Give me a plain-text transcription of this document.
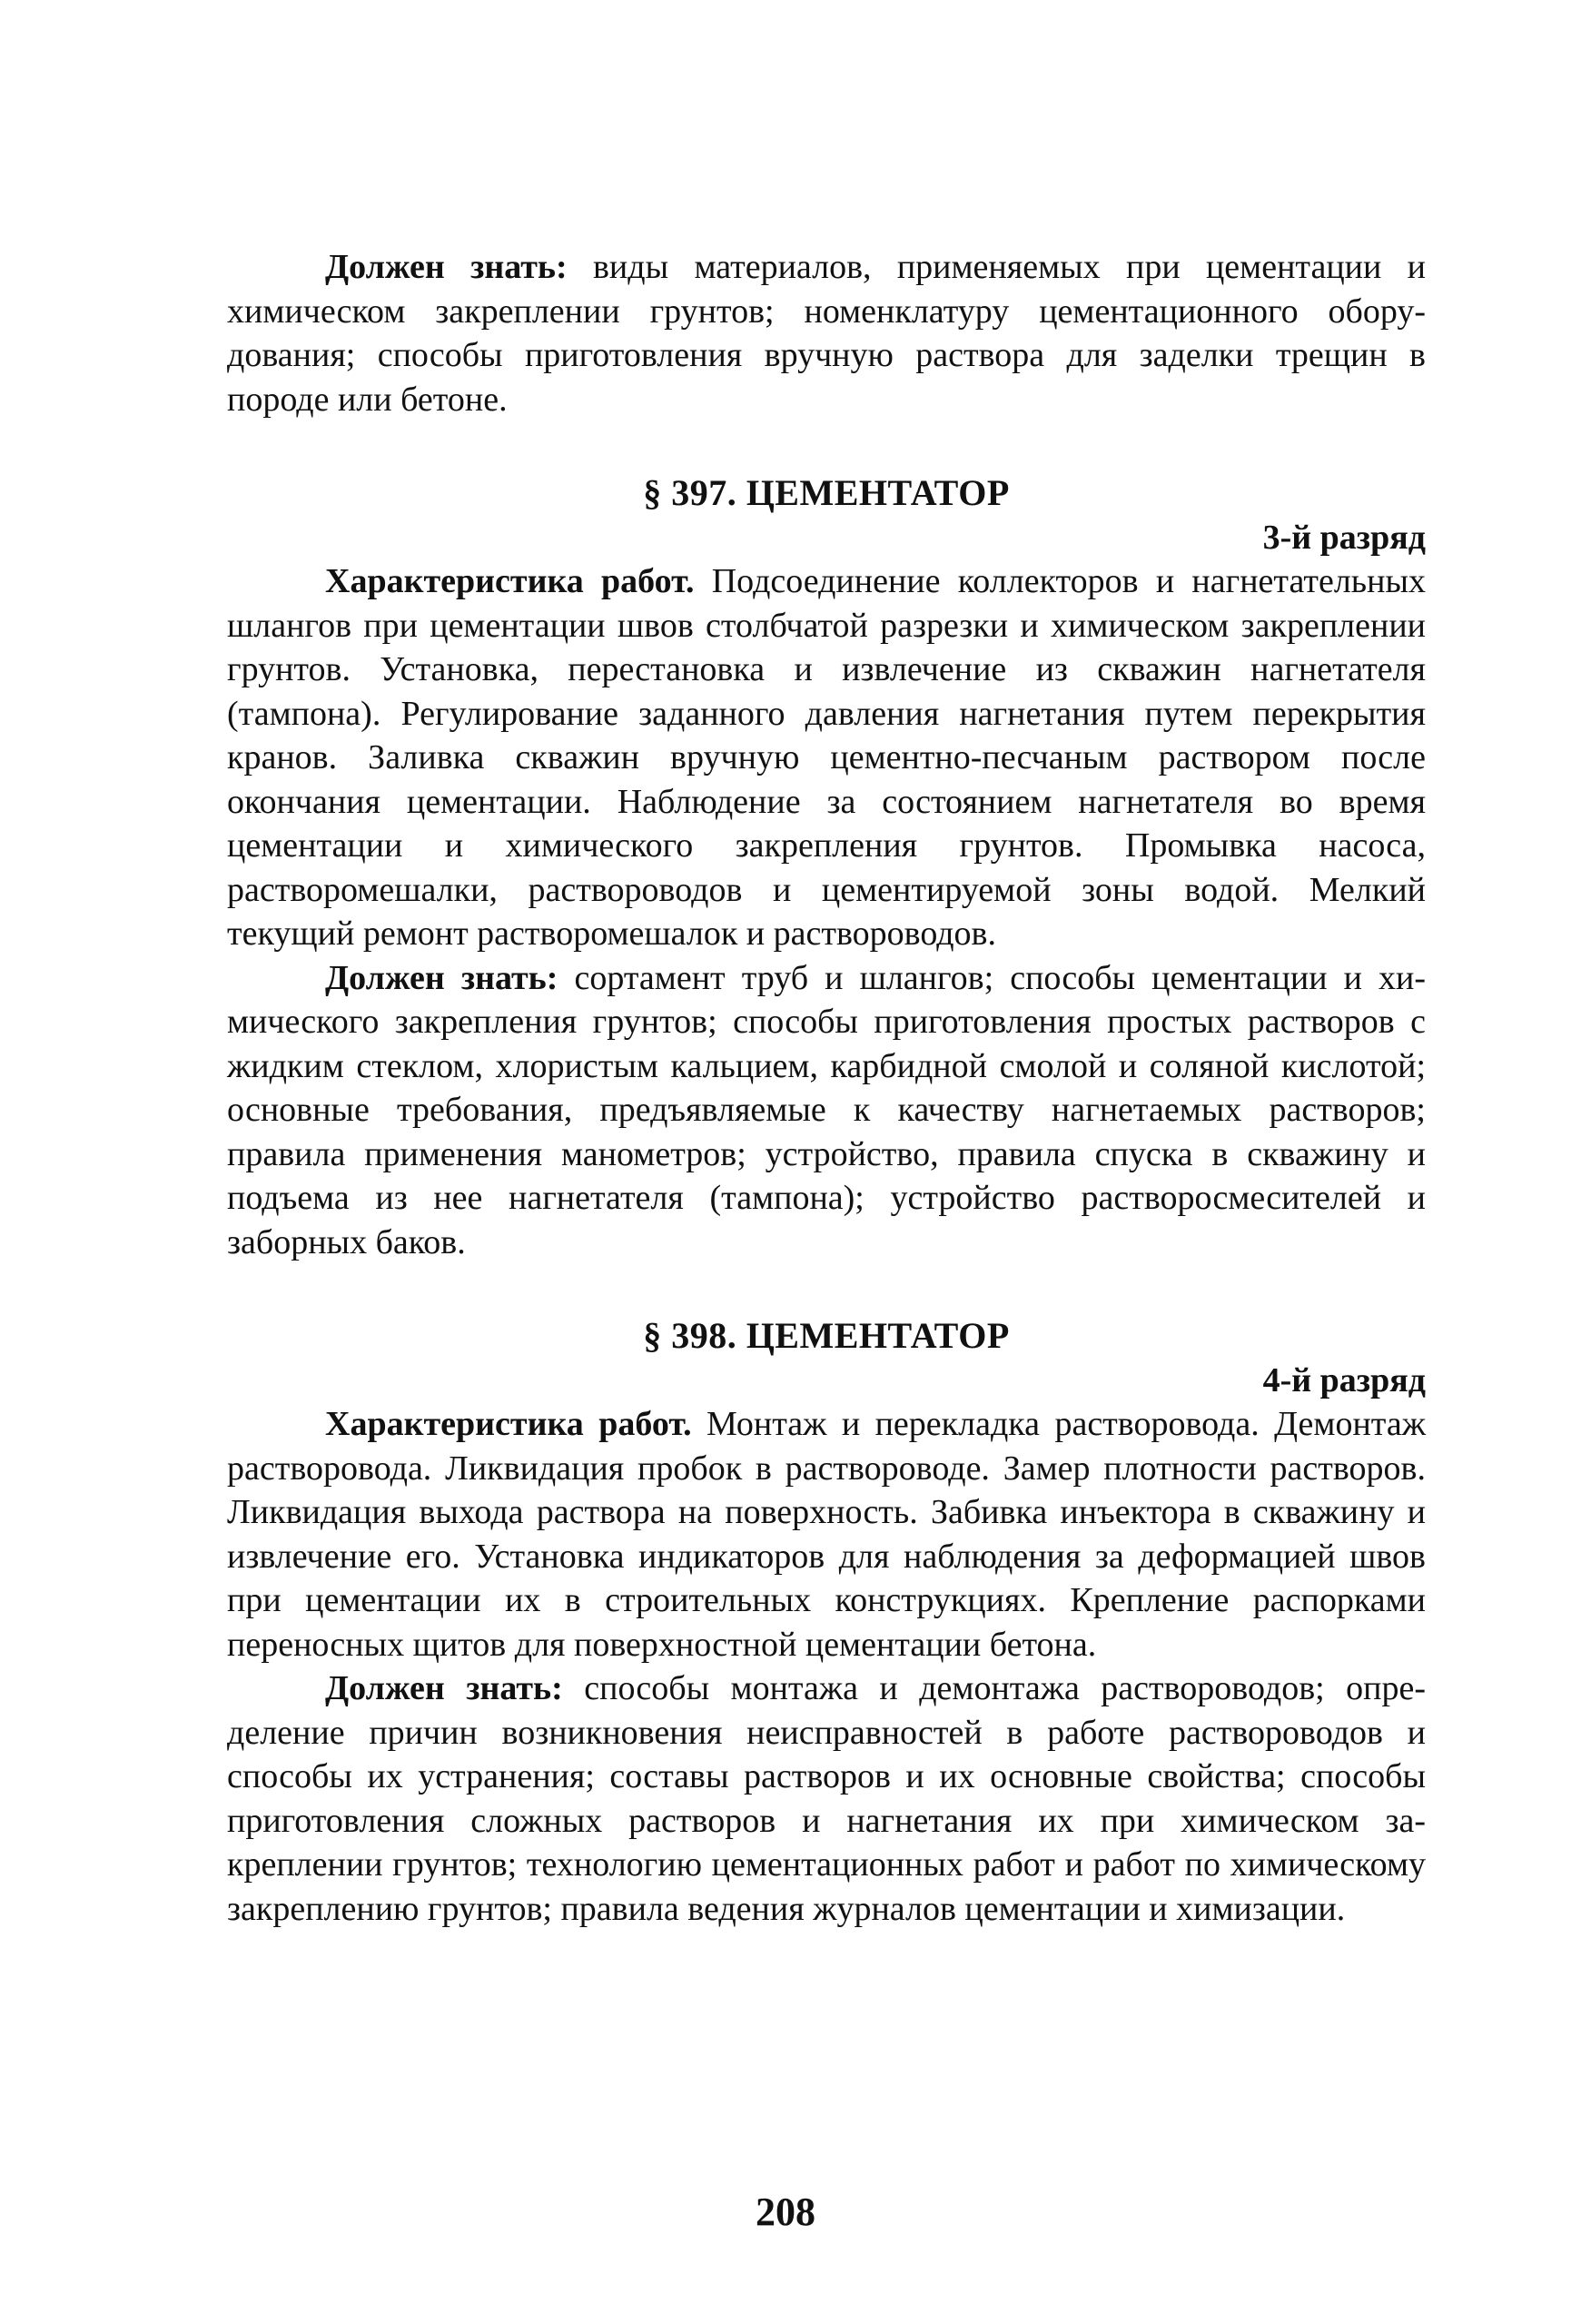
Должен знать: виды материалов, применяемых при цементации и химическом закреплении грунтов; номенклатуру цементационного оборудования; способы приготовления вручную раствора для заделки трещин в породе или бетоне.

§ 397. ЦЕМЕНТАТОР
3-й разряд

Характеристика работ. Подсоединение коллекторов и нагнетательных шлангов при цементации швов столбчатой разрезки и химическом закреплении грунтов. Установка, перестановка и извлечение из скважин нагнетателя (тампона). Регулирование заданного давления нагнетания путем перекрытия кранов. Заливка скважин вручную цементно-песчаным раствором после окончания цементации. Наблюдение за состоянием нагнетателя во время цементации и химического закрепления грунтов. Промывка насоса, растворомешалки, раствороводов и цементируемой зоны водой. Мелкий текущий ремонт растворомешалок и раствороводов.

Должен знать: сортамент труб и шлангов; способы цементации и химического закрепления грунтов; способы приготовления простых растворов с жидким стеклом, хлористым кальцием, карбидной смолой и соляной кислотой; основные требования, предъявляемые к качеству нагнетаемых растворов; правила применения манометров; устройство, правила спуска в скважину и подъема из нее нагнетателя (тампона); устройство растворосмесителей и заборных баков.

§ 398. ЦЕМЕНТАТОР
4-й разряд

Характеристика работ. Монтаж и перекладка растворовода. Демонтаж растворовода. Ликвидация пробок в раствороводе. Замер плотности растворов. Ликвидация выхода раствора на поверхность. Забивка инъектора в скважину и извлечение его. Установка индикаторов для наблюдения за деформацией швов при цементации их в строительных конструкциях. Крепление распорками переносных щитов для поверхностной цементации бетона.

Должен знать: способы монтажа и демонтажа раствороводов; определение причин возникновения неисправностей в работе раствороводов и способы их устранения; составы растворов и их основные свойства; способы приготовления сложных растворов и нагнетания их при химическом закреплении грунтов; технологию цементационных работ и работ по химическому закреплению грунтов; правила ведения журналов цементации и химизации.

208
